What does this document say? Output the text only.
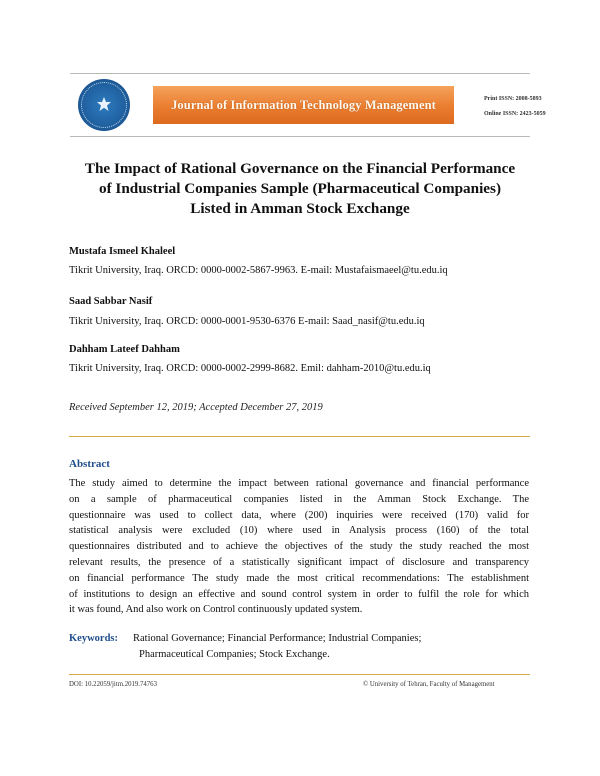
Journal of Information Technology Management	Print ISSN: 2008-5893
Online ISSN: 2423-5059
The Impact of Rational Governance on the Financial Performance
of Industrial Companies Sample (Pharmaceutical Companies)
Listed in Amman Stock Exchange
Mustafa Ismeel Khaleel
Tikrit University, Iraq. ORCD: 0000-0002-5867-9963. E-mail: Mustafaismaeel@tu.edu.iq
Saad Sabbar Nasif
Tikrit University, Iraq. ORCD: 0000-0001-9530-6376 E-mail: Saad_nasif@tu.edu.iq
Dahham Lateef Dahham
Tikrit University, Iraq. ORCD: 0000-0002-2999-8682. Emil: dahham-2010@tu.edu.iq
Received September 12, 2019; Accepted December 27, 2019
Abstract
The study aimed to determine the impact between rational governance and financial performance
on a sample of pharmaceutical companies listed in the Amman Stock Exchange. The
questionnaire was used to collect data, where (200) inquiries were received (170) valid for
statistical analysis were excluded (10) where used in Analysis process (160) of the total
questionnaires distributed and to achieve the objectives of the study the study reached the most
relevant results, the presence of a statistically significant impact of disclosure and transparency
on financial performance The study made the most critical recommendations: The establishment
of institutions to design an effective and sound control system in order to fulfil the role for which
it was found, And also work on Control continuously updated system.
Keywords: Rational Governance; Financial Performance; Industrial Companies;
Pharmaceutical Companies; Stock Exchange.
DOI: 10.22059/jitm.2019.74763	© University of Tehran, Faculty of Management
